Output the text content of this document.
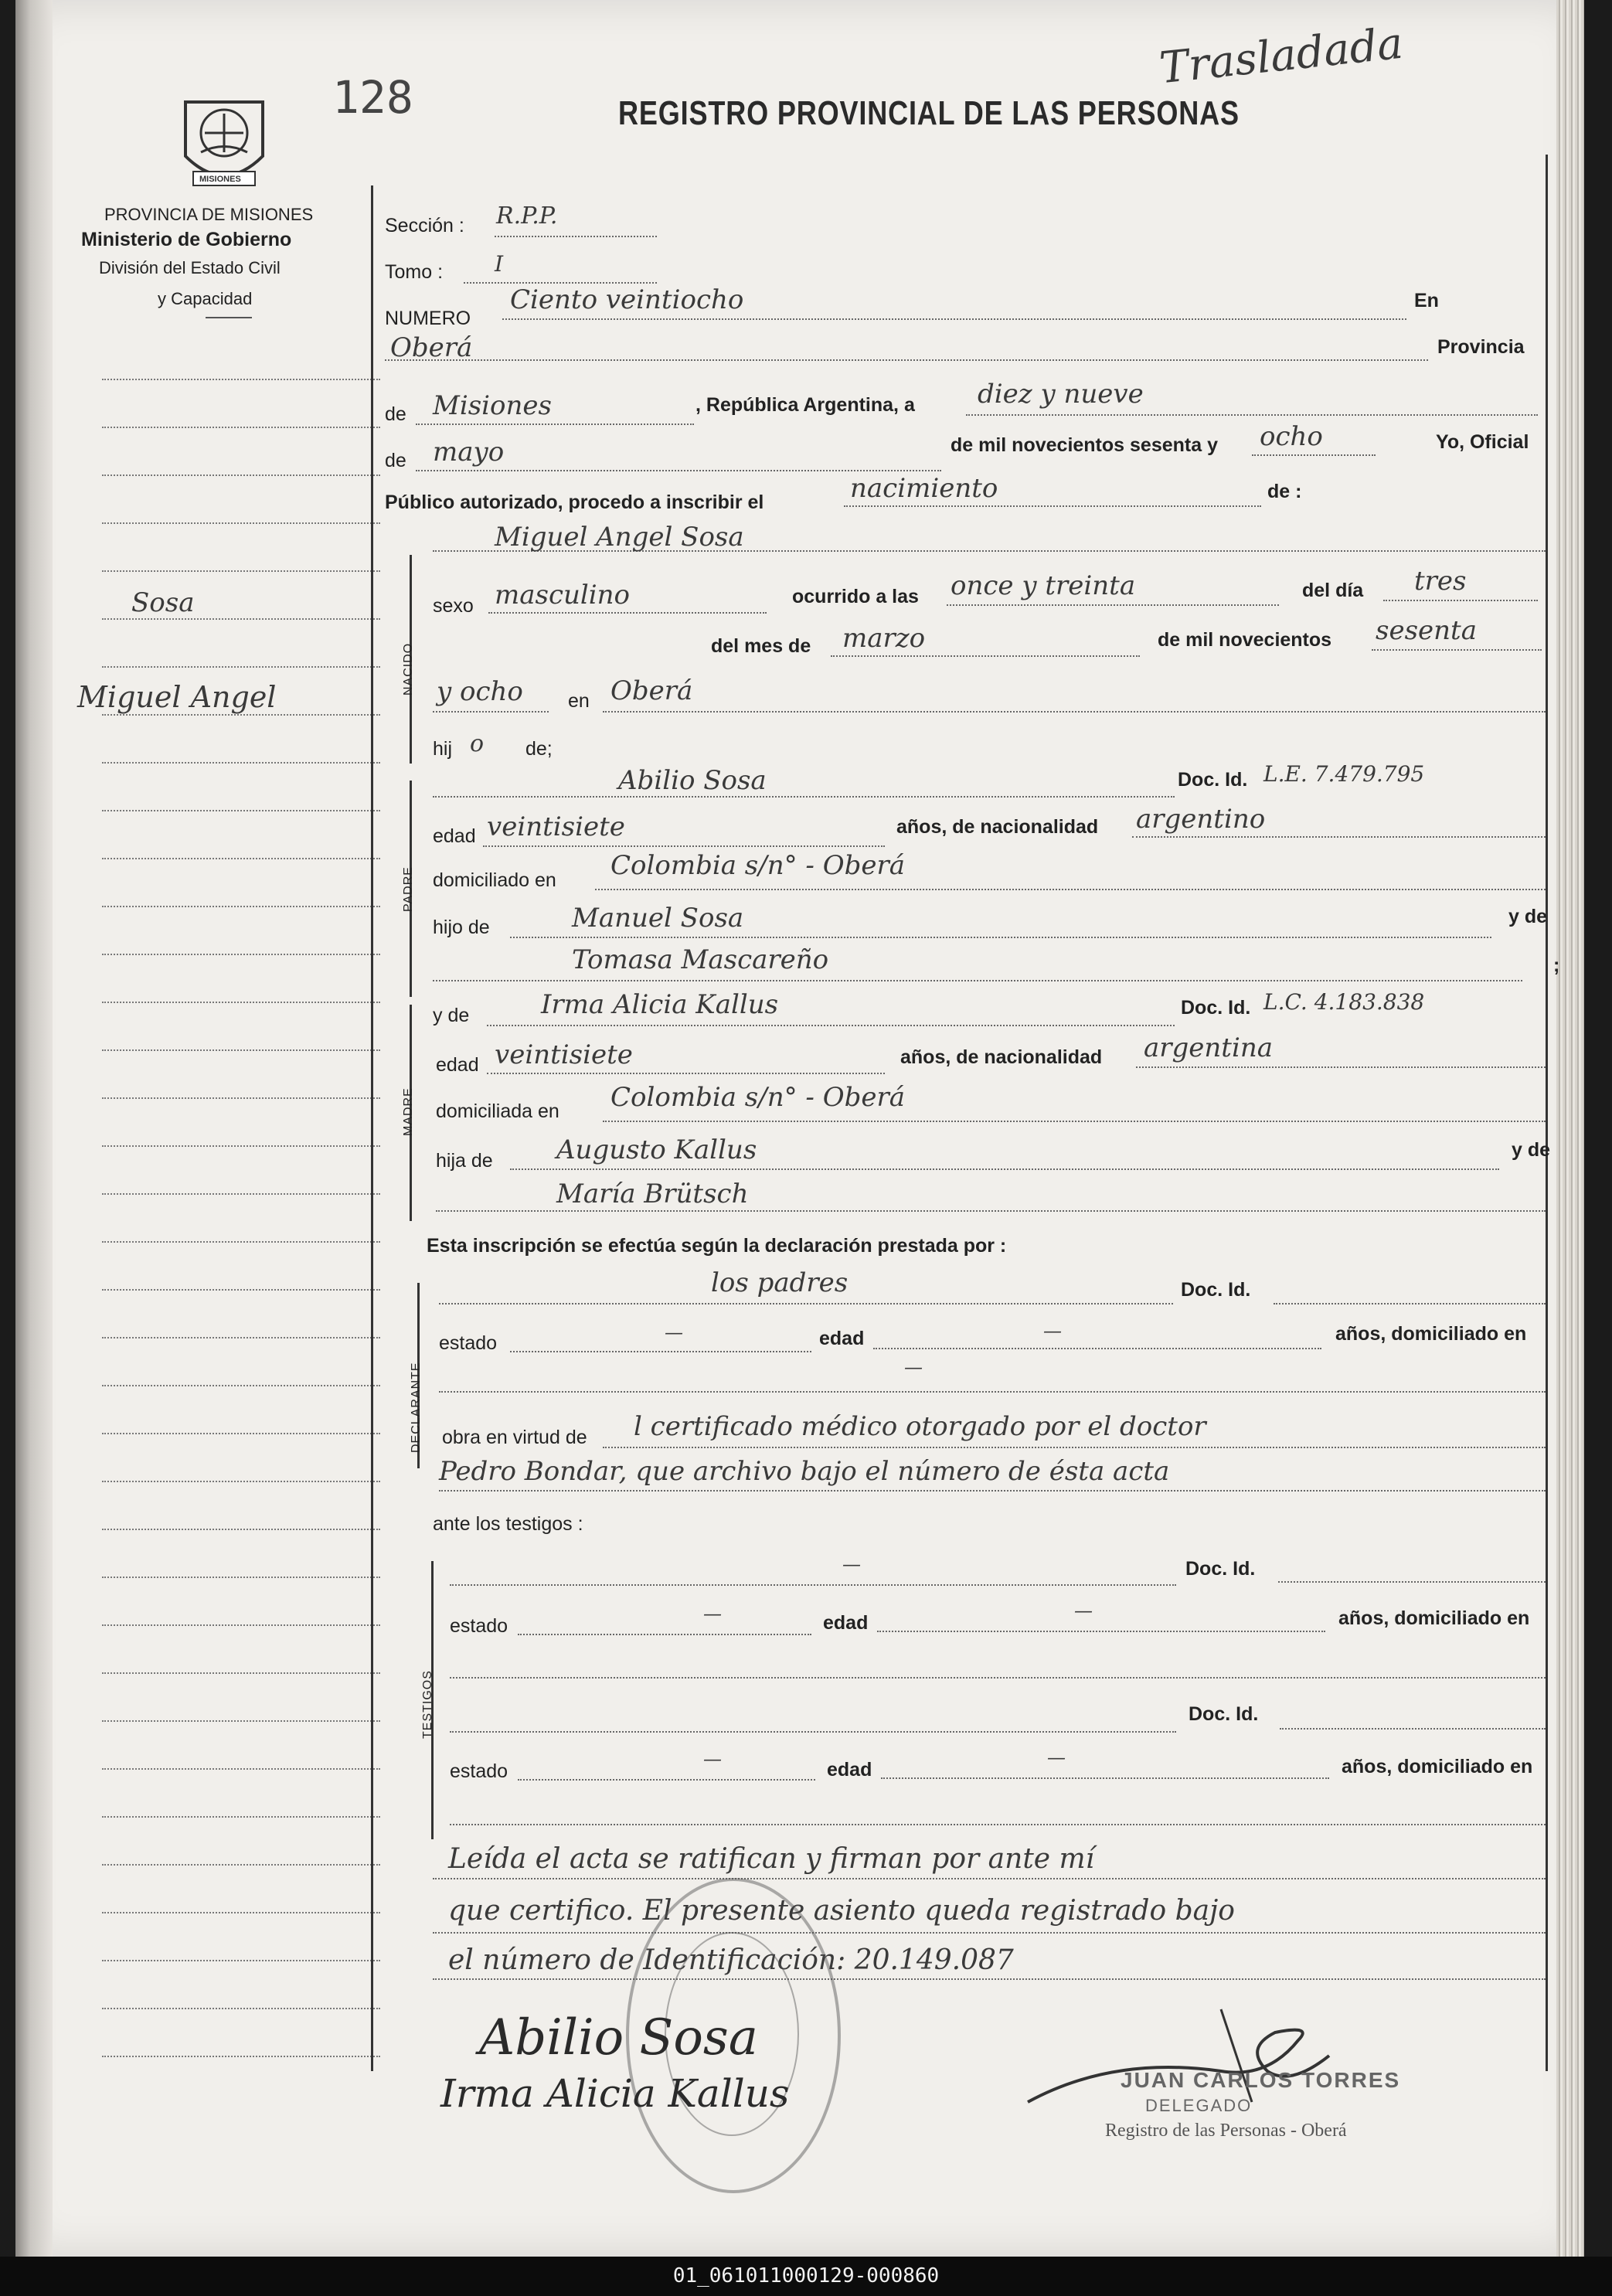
MISIONES
128	REGISTRO PROVINCIAL DE LAS PERSONAS
Trasladada
PROVINCIA DE MISIONES
Ministerio de Gobierno
División del Estado Civil
y Capacidad
Sosa
Miguel Angel
Sección : R.P.P.
Tomo : I
NUMERO
Ciento veintiocho	En
Oberá	Provincia
de Misiones	, República Argentina, a diez y nueve
de mayo	de mil novecientos sesenta y ocho	Yo, Oficial
Público autorizado, procedo a inscribir el	nacimiento	de :
NACIDO
Miguel Angel Sosa
sexo masculino	ocurrido a las once y treinta	del día tres
del mes de marzo	de mil novecientos sesenta
y ocho en Oberá
hij o de;
PADRE
Abilio Sosa	Doc. Id. L.E. 7.479.795
edad veintisiete	años, de nacionalidad argentino
domiciliado en Colombia s/n° - Oberá
hijo de	Manuel Sosa	y de
Tomasa Mascareño	;
MADRE
y de	Irma Alicia Kallus	Doc. Id. L.C. 4.183.838
edad veintisiete	años, de nacionalidad argentina
domiciliada en Colombia s/n° - Oberá
hija de Augusto Kallus	y de
María Brütsch
Esta inscripción se efectúa según la declaración prestada por :
DECLARANTE
los padres	Doc. Id.
estado	—	edad	—	años, domiciliado en
—
obra en virtud de l certificado médico otorgado por el doctor
Pedro Bondar, que archivo bajo el número de ésta acta
ante los testigos :
TESTIGOS
—	Doc. Id.
estado
—	edad
—	años, domiciliado en
Doc. Id.
estado
—	edad
—	años, domiciliado en
Leída el acta se ratifican y firman por ante mí
que certifico. El presente asiento queda registrado bajo
el número de Identificación: 20.149.087
Abilio Sosa
Irma Alicia Kallus	JUAN CARLOS TORRES
DELEGADO
Registro de las Personas - Oberá
01_061011000129-000860
